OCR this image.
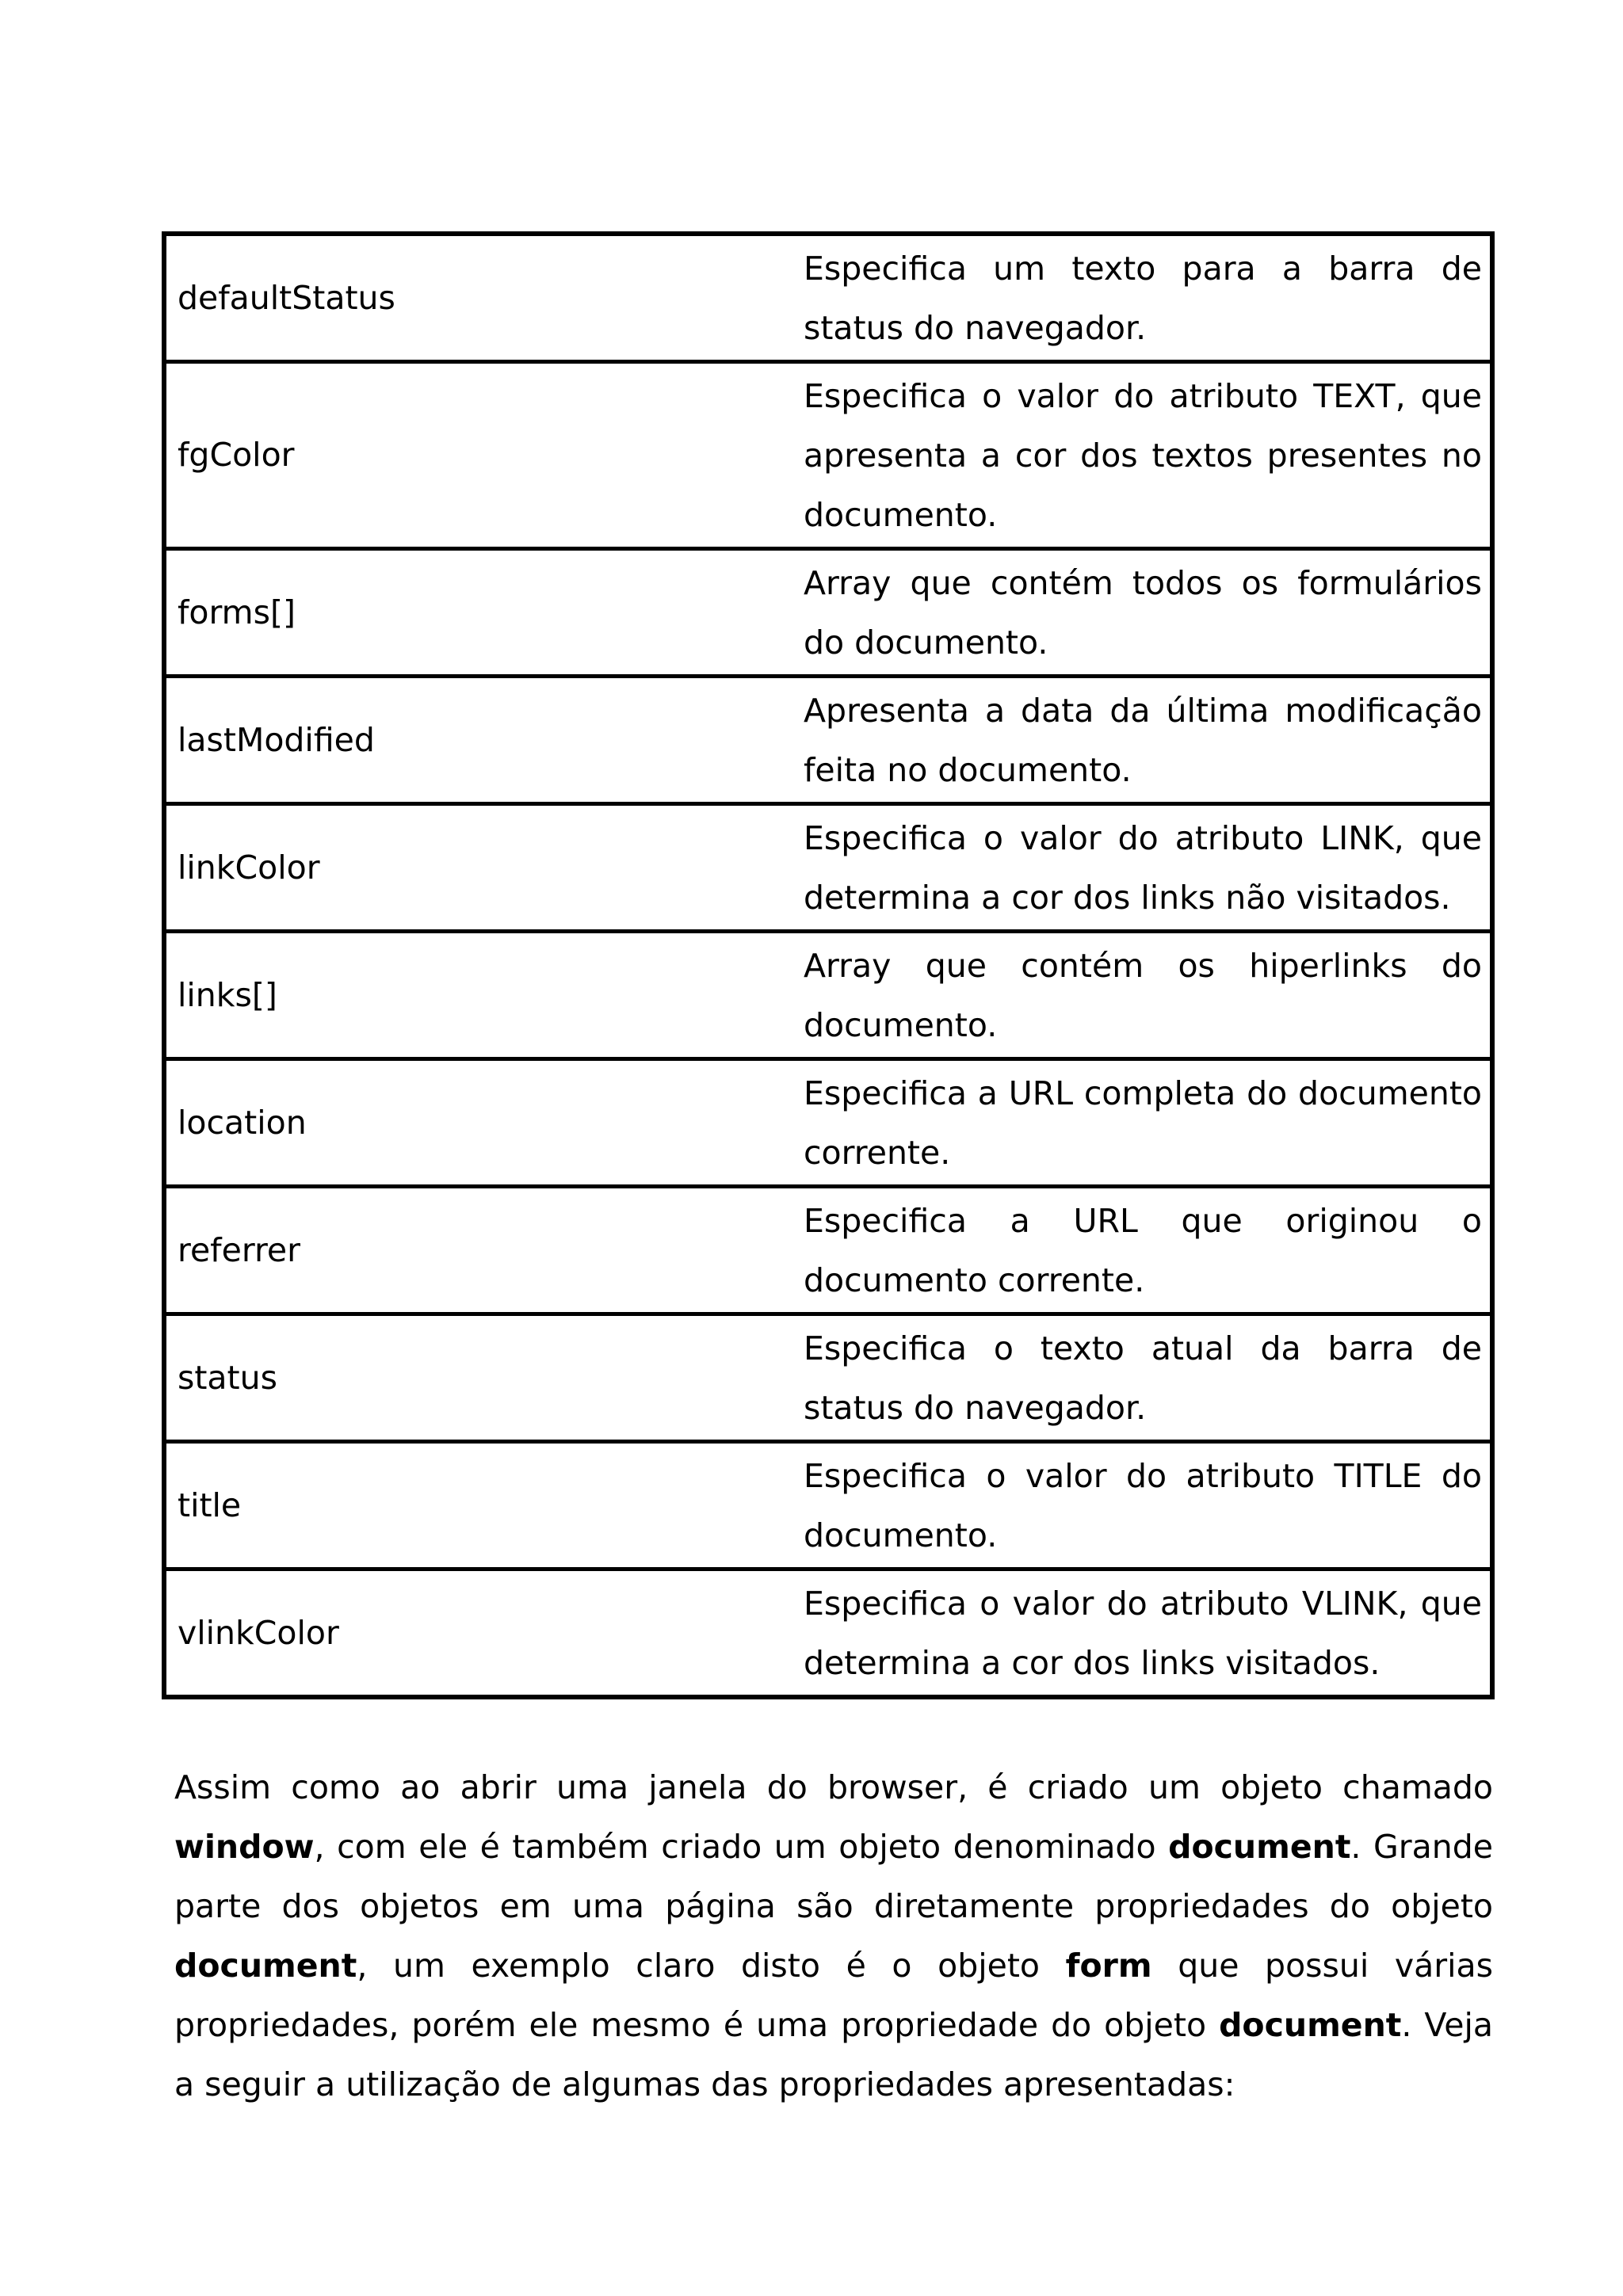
defaultStatus	Especifica um texto para a barra de status do navegador.

fgColor	Especifica o valor do atributo TEXT, que apresenta a cor dos textos presentes no documento.

forms[]	Array que contém todos os formulários do documento.

lastModified	Apresenta a data da última modificação feita no documento.

linkColor	Especifica o valor do atributo LINK, que determina a cor dos links não visitados.

links[]	Array que contém os hiperlinks do documento.

location	Especifica a URL completa do documento corrente.

referrer	Especifica a URL que originou o documento corrente.

status	Especifica o texto atual da barra de status do navegador.

title	Especifica o valor do atributo TITLE do documento.

vlinkColor	Especifica o valor do atributo VLINK, que determina a cor dos links visitados.

Assim como ao abrir uma janela do browser, é criado um objeto chamado window, com ele é também criado um objeto denominado document. Grande parte dos objetos em uma página são diretamente propriedades do objeto document, um exemplo claro disto é o objeto form que possui várias propriedades, porém ele mesmo é uma propriedade do objeto document. Veja a seguir a utilização de algumas das propriedades apresentadas:
